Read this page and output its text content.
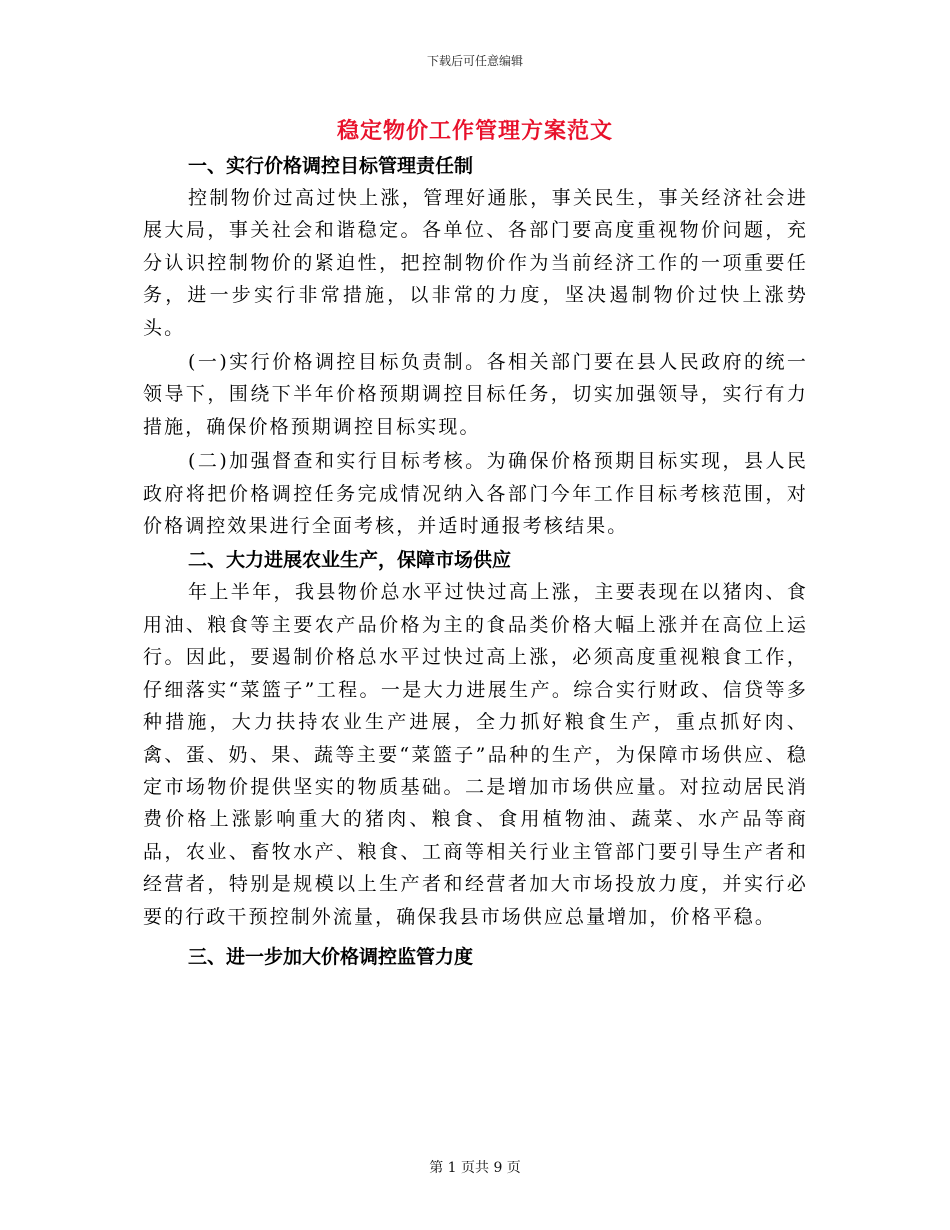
下载后可任意编辑
稳定物价工作管理方案范文

一、实行价格调控目标管理责任制

控制物价过高过快上涨，管理好通胀，事关民生，事关经济社会进展大局，事关社会和谐稳定。各单位、各部门要高度重视物价问题，充分认识控制物价的紧迫性，把控制物价作为当前经济工作的一项重要任务，进一步实行非常措施，以非常的力度，坚决遏制物价过快上涨势头。

(一)实行价格调控目标负责制。各相关部门要在县人民政府的统一领导下，围绕下半年价格预期调控目标任务，切实加强领导，实行有力措施，确保价格预期调控目标实现。

(二)加强督查和实行目标考核。为确保价格预期目标实现，县人民政府将把价格调控任务完成情况纳入各部门今年工作目标考核范围，对价格调控效果进行全面考核，并适时通报考核结果。

二、大力进展农业生产，保障市场供应

年上半年，我县物价总水平过快过高上涨，主要表现在以猪肉、食用油、粮食等主要农产品价格为主的食品类价格大幅上涨并在高位上运行。因此，要遏制价格总水平过快过高上涨，必须高度重视粮食工作，仔细落实“菜篮子”工程。一是大力进展生产。综合实行财政、信贷等多种措施，大力扶持农业生产进展，全力抓好粮食生产，重点抓好肉、禽、蛋、奶、果、蔬等主要“菜篮子”品种的生产，为保障市场供应、稳定市场物价提供坚实的物质基础。二是增加市场供应量。对拉动居民消费价格上涨影响重大的猪肉、粮食、食用植物油、蔬菜、水产品等商品，农业、畜牧水产、粮食、工商等相关行业主管部门要引导生产者和经营者，特别是规模以上生产者和经营者加大市场投放力度，并实行必要的行政干预控制外流量，确保我县市场供应总量增加，价格平稳。

三、进一步加大价格调控监管力度

第 1 页共 9 页
